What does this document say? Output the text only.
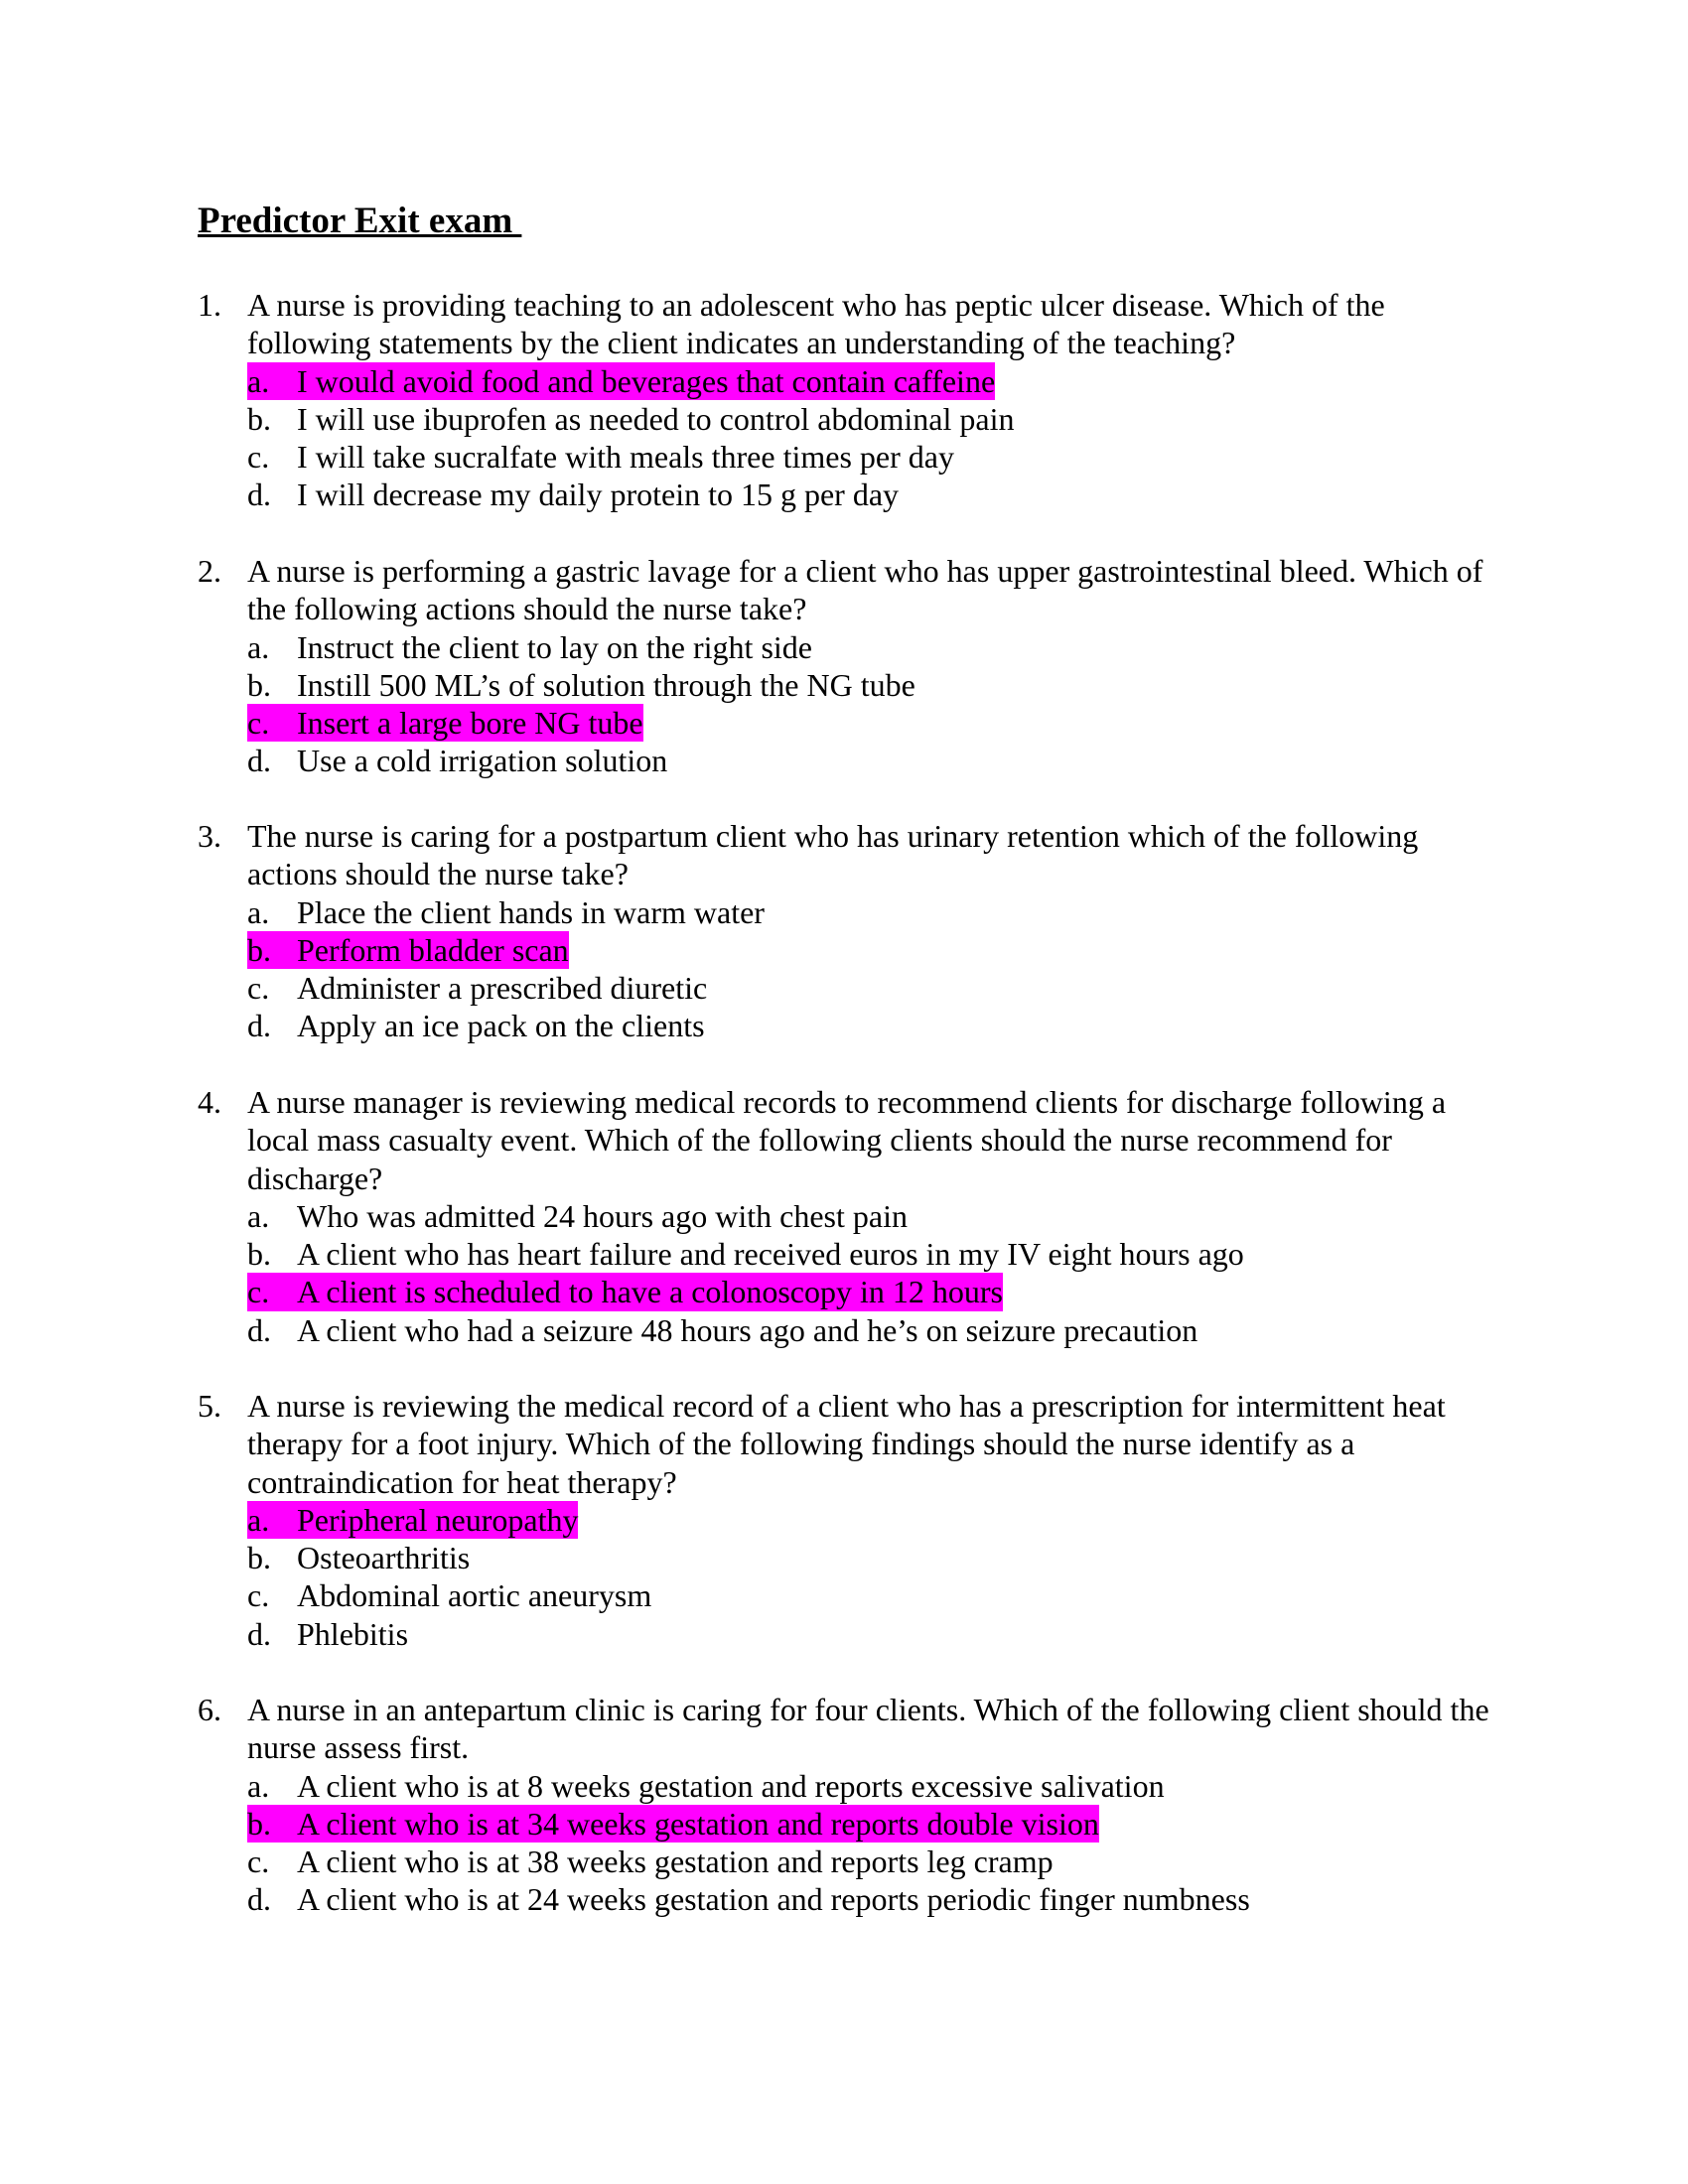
Predictor Exit exam
1. A nurse is providing teaching to an adolescent who has peptic ulcer disease. Which of the following statements by the client indicates an understanding of the teaching?
a. I would avoid food and beverages that contain caffeine
b. I will use ibuprofen as needed to control abdominal pain
c. I will take sucralfate with meals three times per day
d. I will decrease my daily protein to 15 g per day
2. A nurse is performing a gastric lavage for a client who has upper gastrointestinal bleed. Which of the following actions should the nurse take?
a. Instruct the client to lay on the right side
b. Instill 500 ML’s of solution through the NG tube
c. Insert a large bore NG tube
d. Use a cold irrigation solution
3. The nurse is caring for a postpartum client who has urinary retention which of the following actions should the nurse take?
a. Place the client hands in warm water
b. Perform bladder scan
c. Administer a prescribed diuretic
d. Apply an ice pack on the clients
4. A nurse manager is reviewing medical records to recommend clients for discharge following a local mass casualty event. Which of the following clients should the nurse recommend for discharge?
a. Who was admitted 24 hours ago with chest pain
b. A client who has heart failure and received euros in my IV eight hours ago
c. A client is scheduled to have a colonoscopy in 12 hours
d. A client who had a seizure 48 hours ago and he’s on seizure precaution
5. A nurse is reviewing the medical record of a client who has a prescription for intermittent heat therapy for a foot injury. Which of the following findings should the nurse identify as a contraindication for heat therapy?
a. Peripheral neuropathy
b. Osteoarthritis
c. Abdominal aortic aneurysm
d. Phlebitis
6. A nurse in an antepartum clinic is caring for four clients. Which of the following client should the nurse assess first.
a. A client who is at 8 weeks gestation and reports excessive salivation
b. A client who is at 34 weeks gestation and reports double vision
c. A client who is at 38 weeks gestation and reports leg cramp
d. A client who is at 24 weeks gestation and reports periodic finger numbness
